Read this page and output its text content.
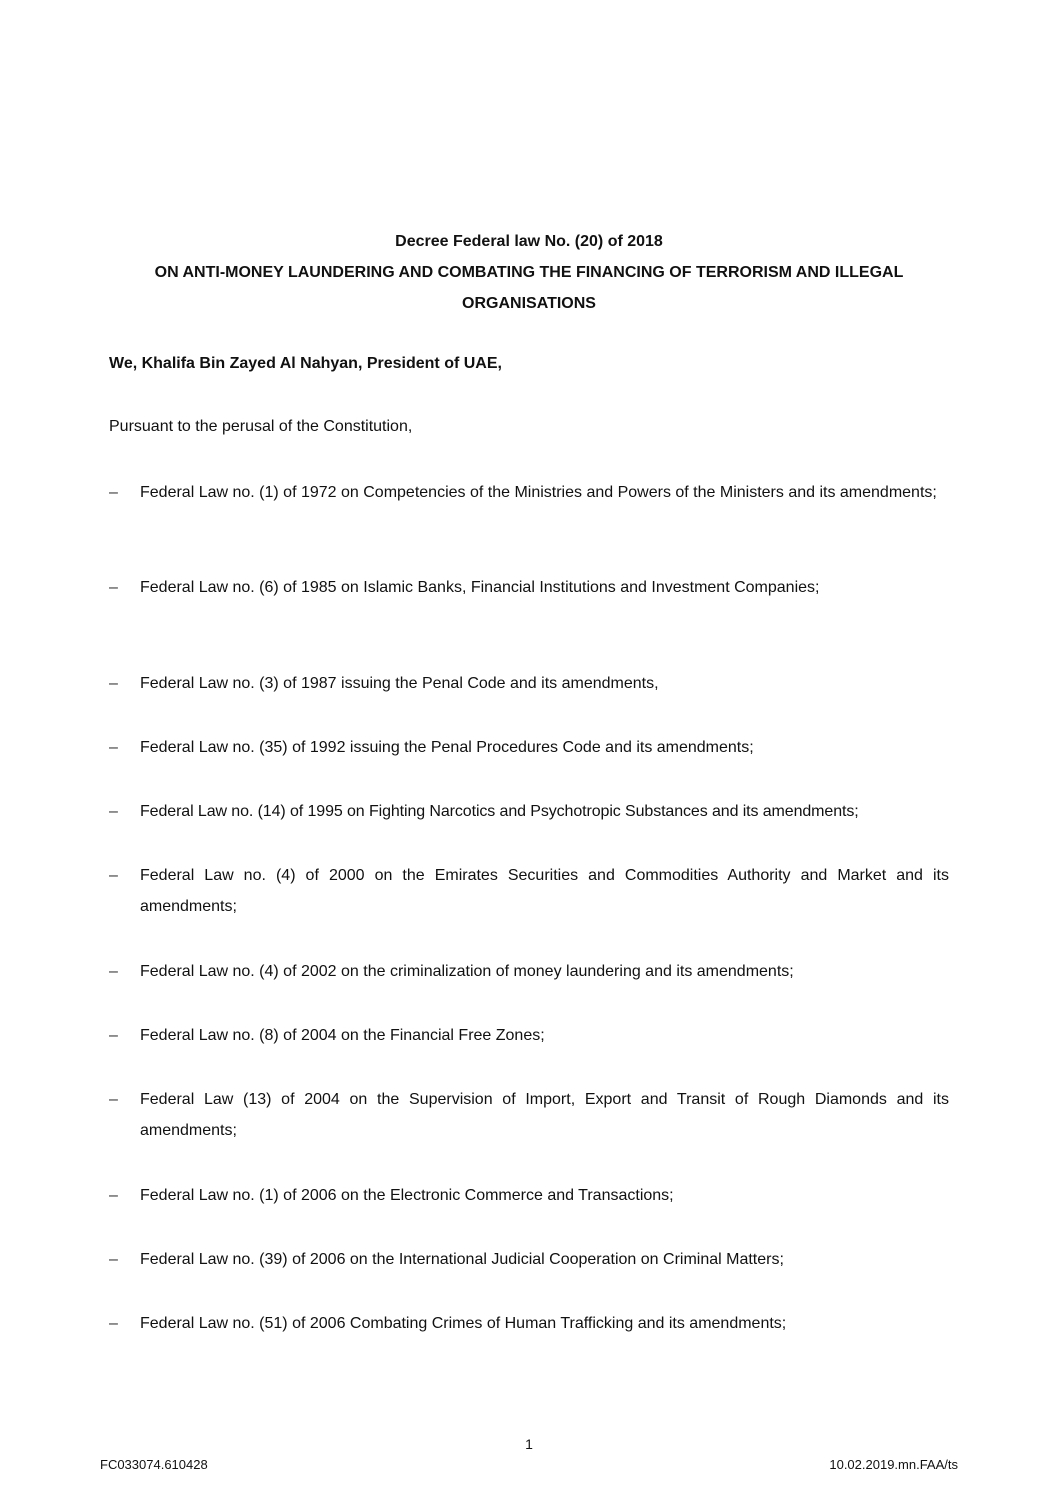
Decree Federal law No. (20) of 2018
ON ANTI-MONEY LAUNDERING AND COMBATING THE FINANCING OF TERRORISM AND ILLEGAL
ORGANISATIONS
We, Khalifa Bin Zayed Al Nahyan, President of UAE,
Pursuant to the perusal of the Constitution,
–	Federal Law no. (1) of 1972 on Competencies of the Ministries and Powers of the Ministers and its amendments;
–	Federal Law no. (6) of 1985 on Islamic Banks, Financial Institutions and Investment Companies;
–	Federal Law no. (3) of 1987 issuing the Penal Code and its amendments,
–	Federal Law no. (35) of 1992 issuing the Penal Procedures Code and its amendments;
–	Federal Law no. (14) of 1995 on Fighting Narcotics and Psychotropic Substances and its amendments;
–	Federal Law no. (4) of 2000 on the Emirates Securities and Commodities Authority and Market and its amendments;
–	Federal Law no. (4) of 2002 on the criminalization of money laundering and its amendments;
–	Federal Law no. (8) of 2004 on the Financial Free Zones;
–	Federal Law (13) of 2004 on the Supervision of Import, Export and Transit of Rough Diamonds and its amendments;
–	Federal Law no. (1) of 2006 on the Electronic Commerce and Transactions;
–	Federal Law no. (39) of 2006 on the International Judicial Cooperation on Criminal Matters;
–	Federal Law no. (51) of 2006 Combating Crimes of Human Trafficking and its amendments;
1
FC033074.610428	10.02.2019.mn.FAA/ts
